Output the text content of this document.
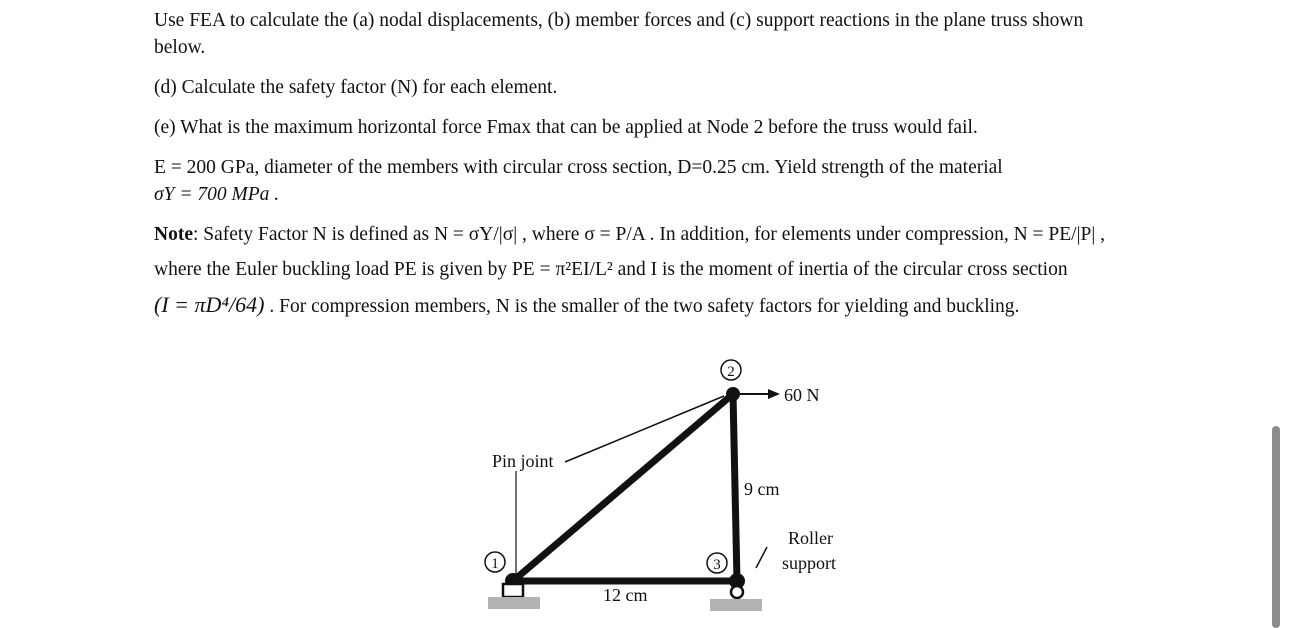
Use FEA to calculate the (a) nodal displacements, (b) member forces and (c) support reactions in the plane truss shown
below.
(d) Calculate the safety factor (N) for each element.
(e) What is the maximum horizontal force Fmax that can be applied at Node 2 before the truss would fail.
E = 200 GPa, diameter of the members with circular cross section, D=0.25 cm. Yield strength of the material
σY = 700 MPa .
Note: Safety Factor N is defined as N = σY/|σ| , where σ = P/A . In addition, for elements under compression, N = PE/|P| ,
where the Euler buckling load PE is given by PE = π²EI/L² and I is the moment of inertia of the circular cross section
(I = πD⁴/64) . For compression members, N is the smaller of the two safety factors for yielding and buckling.
2
1	3
60 N
Pin joint
9 cm
12 cm
Roller
support
